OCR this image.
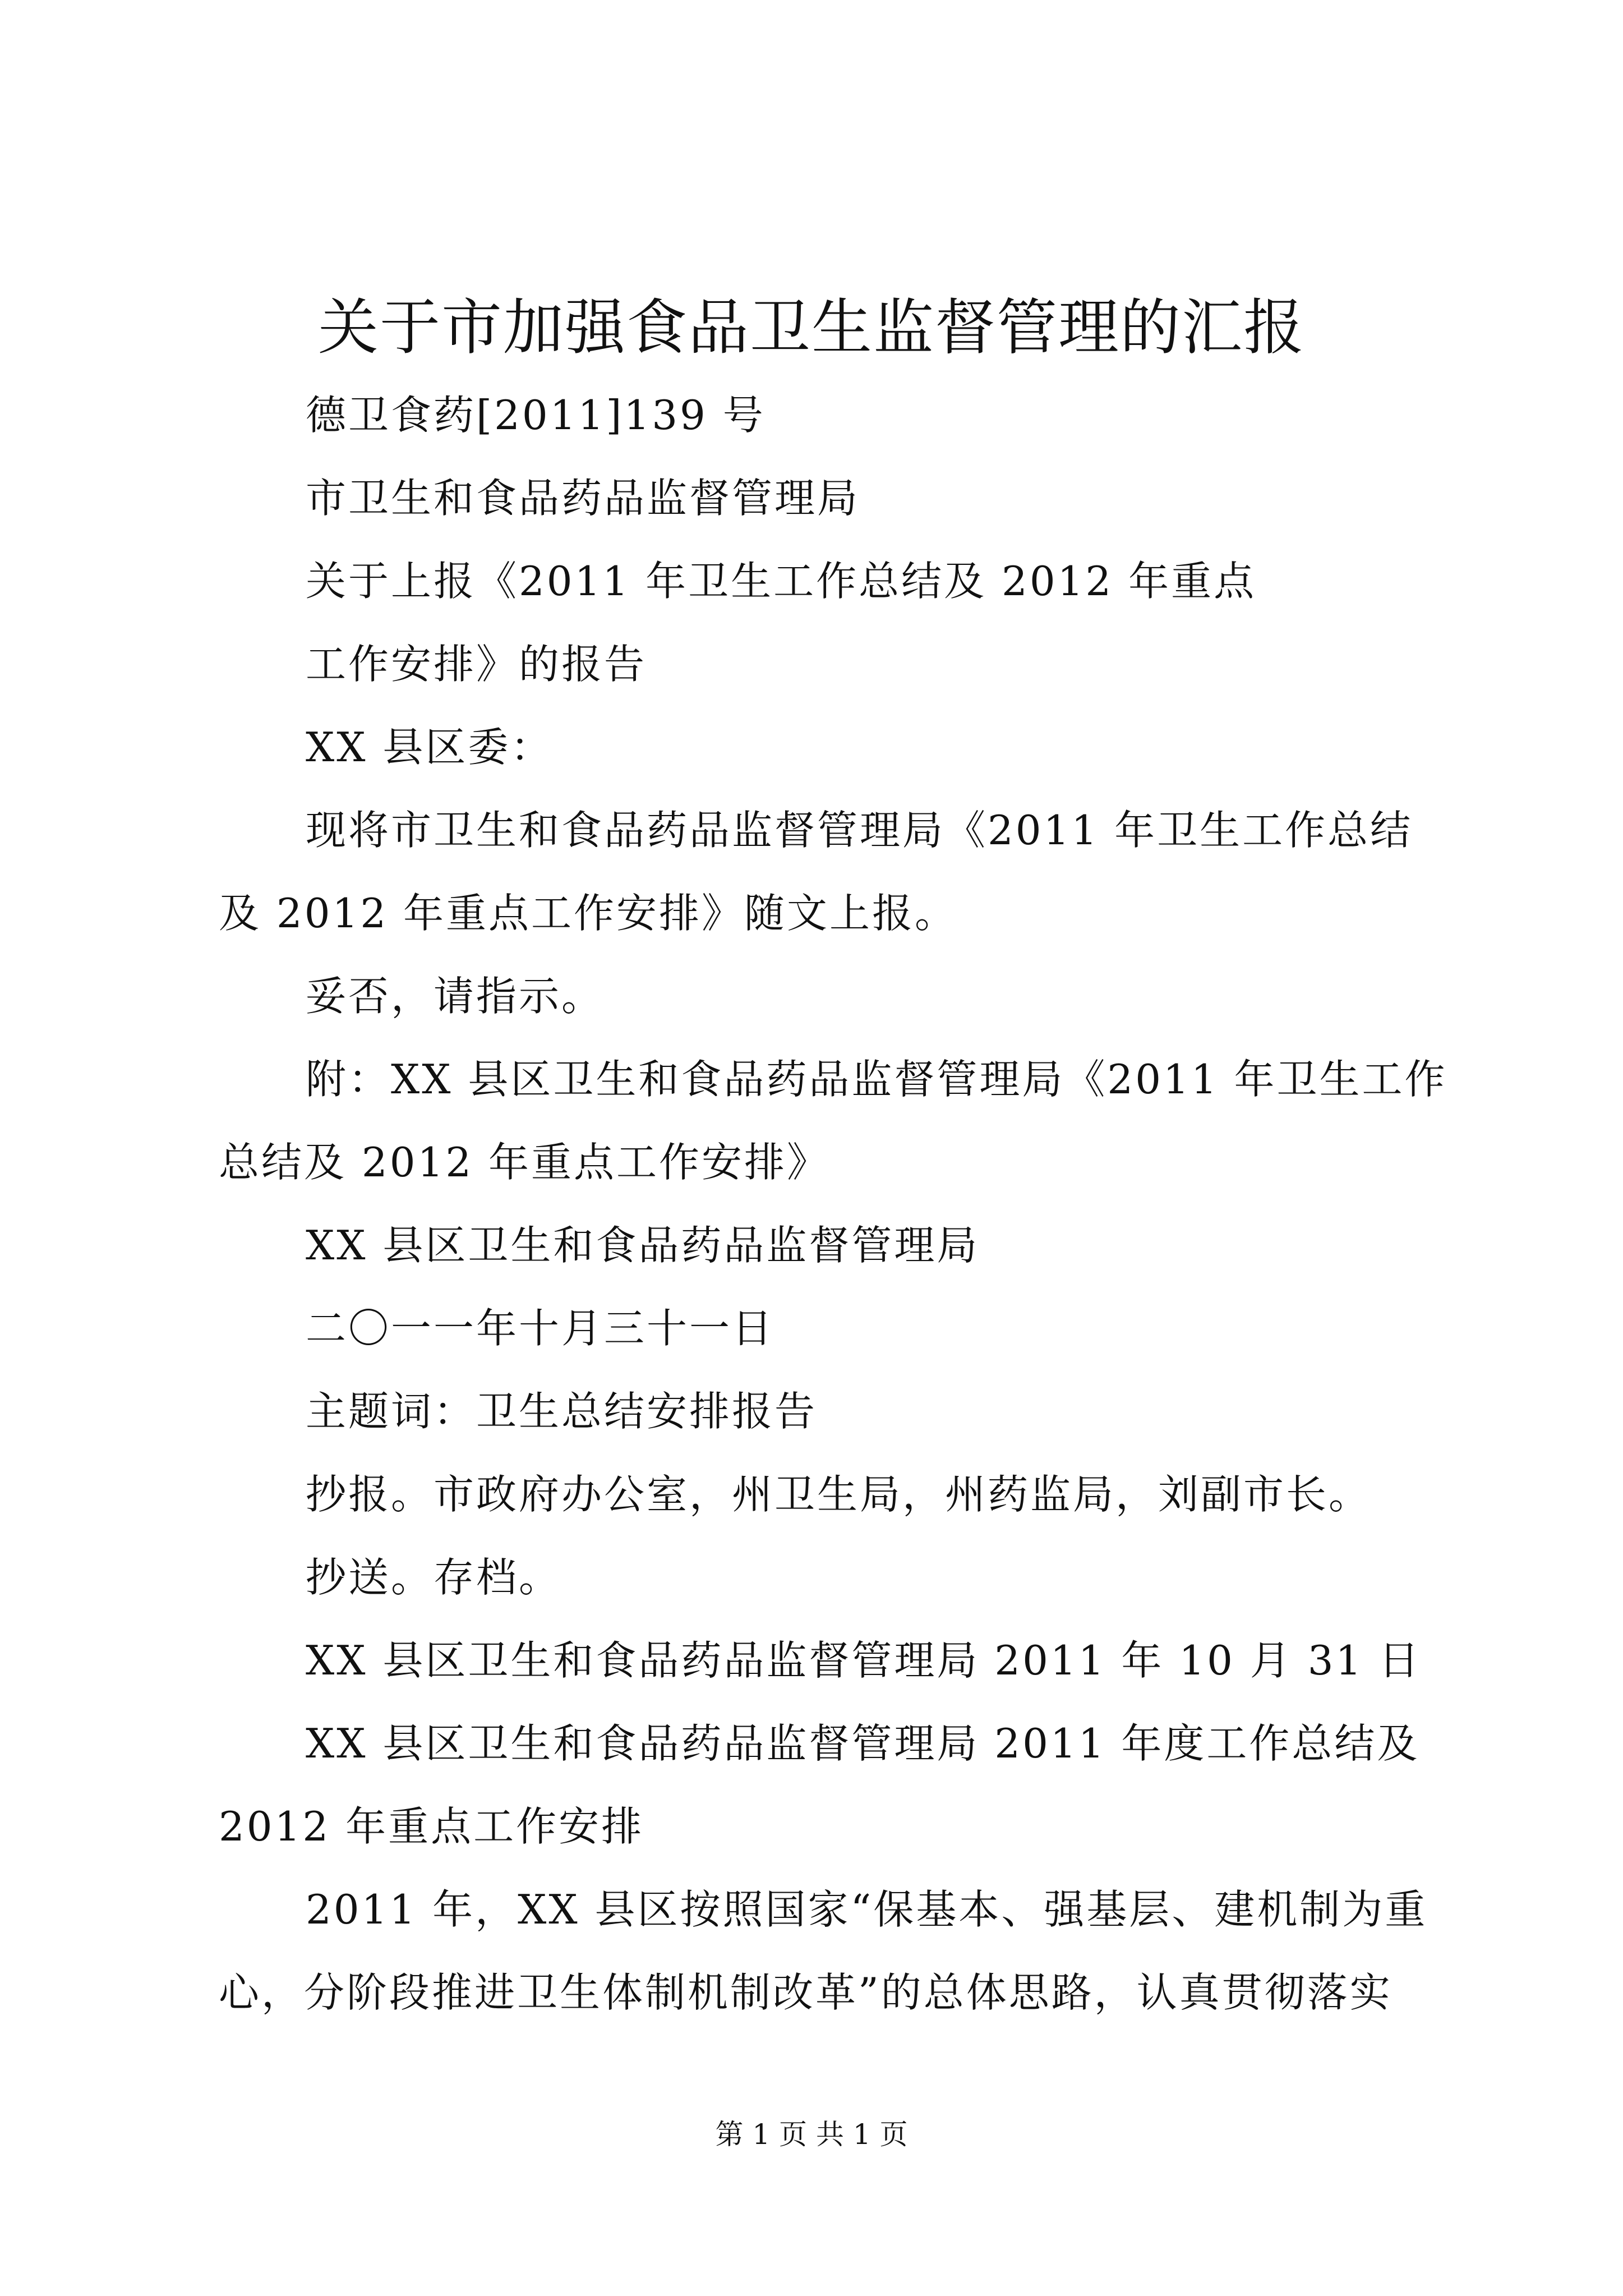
关于市加强食品卫生监督管理的汇报
德卫食药[2011]139 号
市卫生和食品药品监督管理局
关于上报《2011 年卫生工作总结及 2012 年重点
工作安排》的报告
XX 县区委：
现将市卫生和食品药品监督管理局《2011 年卫生工作总结
及 2012 年重点工作安排》随文上报。
妥否，请指示。
附：XX 县区卫生和食品药品监督管理局《2011 年卫生工作
总结及 2012 年重点工作安排》
XX 县区卫生和食品药品监督管理局
二〇一一年十月三十一日
主题词：卫生总结安排报告
抄报。市政府办公室，州卫生局，州药监局，刘副市长。
抄送。存档。
XX 县区卫生和食品药品监督管理局 2011 年 10 月 31 日
XX 县区卫生和食品药品监督管理局 2011 年度工作总结及
2012 年重点工作安排
2011 年，XX 县区按照国家“保基本、强基层、建机制为重
心，分阶段推进卫生体制机制改革”的总体思路，认真贯彻落实
第 1 页 共 1 页
